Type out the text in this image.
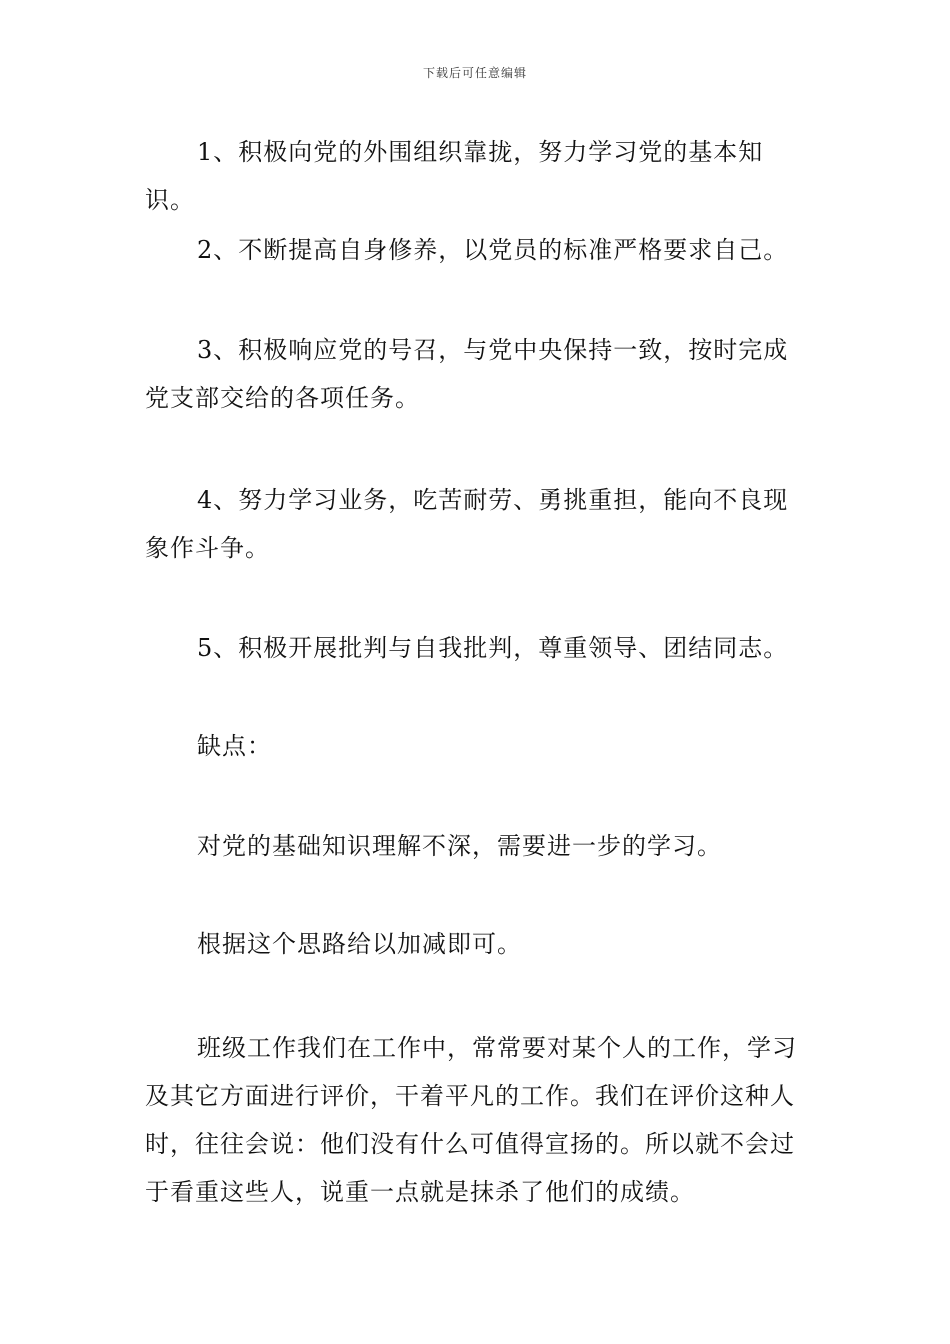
下载后可任意编辑

1、积极向党的外围组织靠拢，努力学习党的基本知识。

2、不断提高自身修养，以党员的标准严格要求自己。

3、积极响应党的号召，与党中央保持一致，按时完成党支部交给的各项任务。

4、努力学习业务，吃苦耐劳、勇挑重担，能向不良现象作斗争。

5、积极开展批判与自我批判，尊重领导、团结同志。

缺点：

对党的基础知识理解不深，需要进一步的学习。

根据这个思路给以加减即可。

班级工作我们在工作中，常常要对某个人的工作，学习及其它方面进行评价，干着平凡的工作。我们在评价这种人时，往往会说：他们没有什么可值得宣扬的。所以就不会过于看重这些人，说重一点就是抹杀了他们的成绩。
